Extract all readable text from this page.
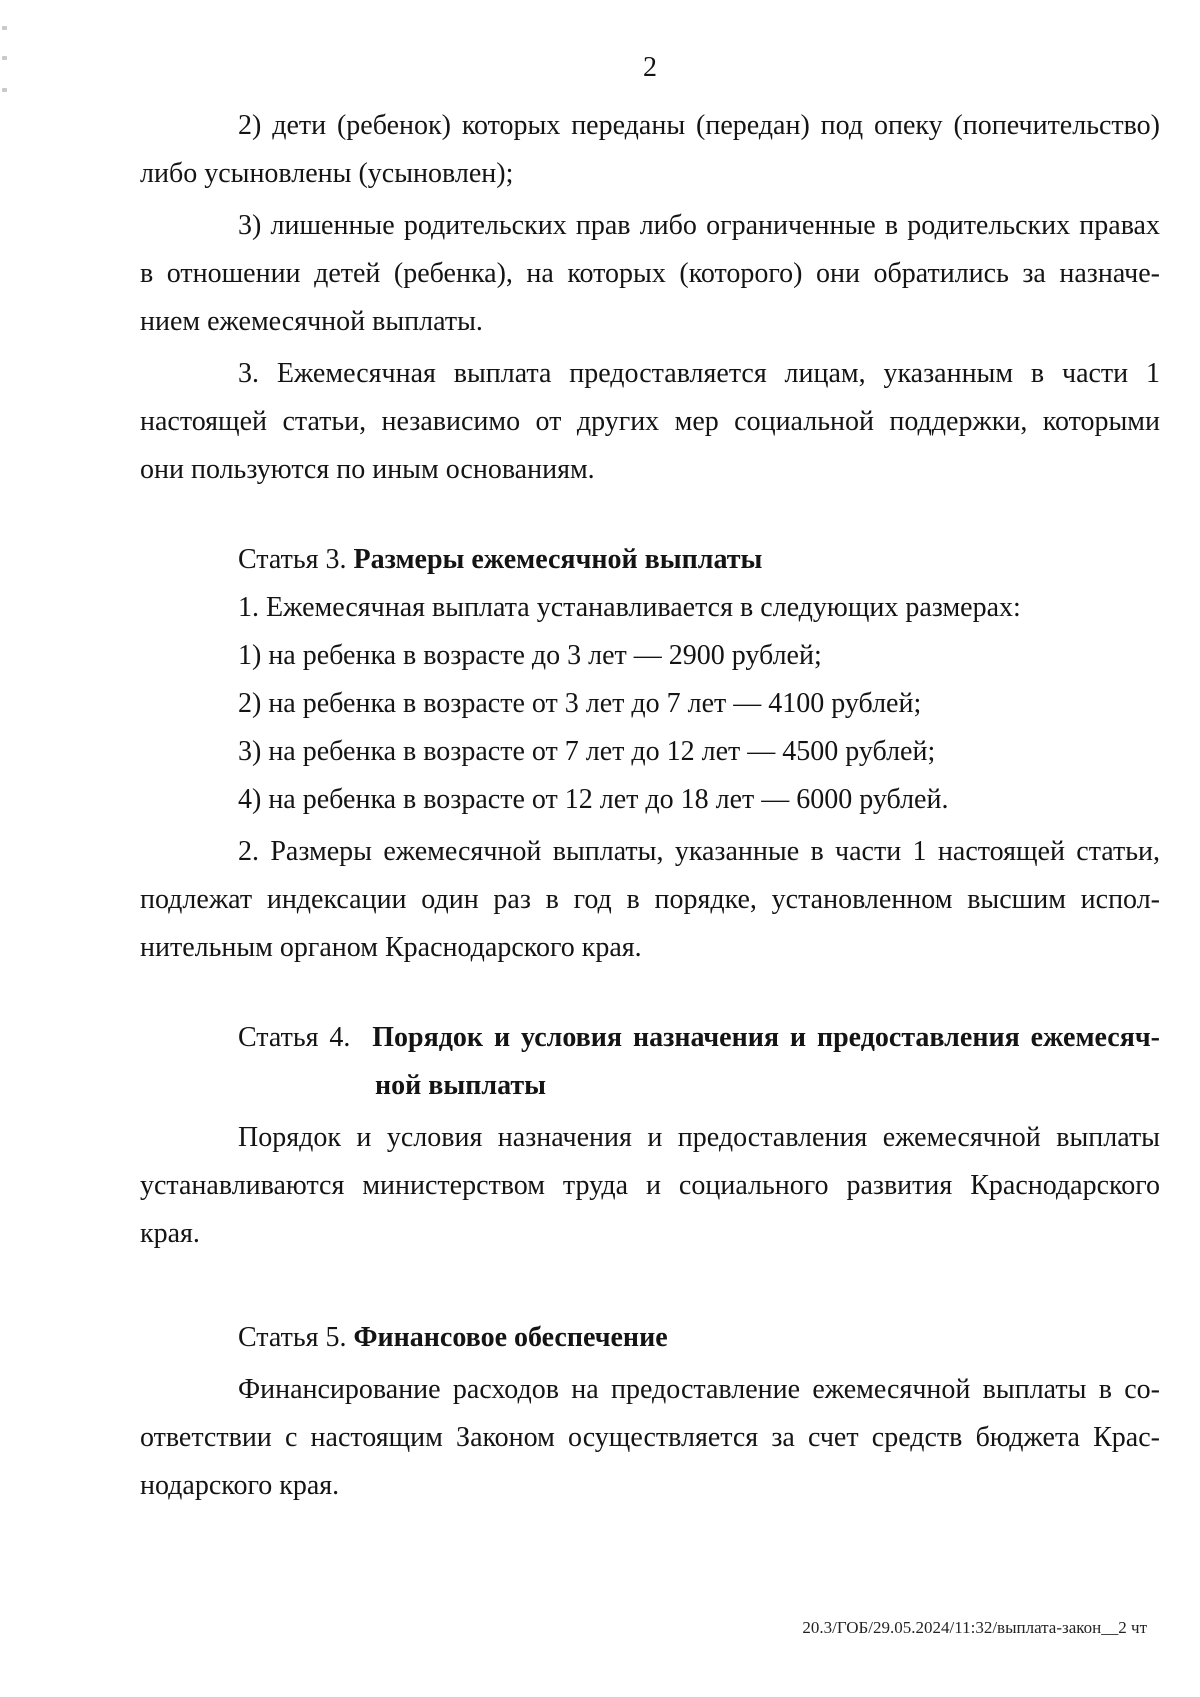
2
2) дети (ребенок) которых переданы (передан) под опеку (попечительство)
либо усыновлены (усыновлен);
3) лишенные родительских прав либо ограниченные в родительских правах
в отношении детей (ребенка), на которых (которого) они обратились за назначе-
нием ежемесячной выплаты.
3. Ежемесячная выплата предоставляется лицам, указанным в части 1
настоящей статьи, независимо от других мер социальной поддержки, которыми
они пользуются по иным основаниям.
Статья 3. Размеры ежемесячной выплаты
1. Ежемесячная выплата устанавливается в следующих размерах:
1) на ребенка в возрасте до 3 лет — 2900 рублей;
2) на ребенка в возрасте от 3 лет до 7 лет — 4100 рублей;
3) на ребенка в возрасте от 7 лет до 12 лет — 4500 рублей;
4) на ребенка в возрасте от 12 лет до 18 лет — 6000 рублей.
2. Размеры ежемесячной выплаты, указанные в части 1 настоящей статьи,
подлежат индексации один раз в год в порядке, установленном высшим испол-
нительным органом Краснодарского края.
Статья 4. Порядок и условия назначения и предоставления ежемесяч-
ной выплаты
Порядок и условия назначения и предоставления ежемесячной выплаты
устанавливаются министерством труда и социального развития Краснодарского
края.
Статья 5. Финансовое обеспечение
Финансирование расходов на предоставление ежемесячной выплаты в со-
ответствии с настоящим Законом осуществляется за счет средств бюджета Крас-
нодарского края.
20.3/ГОБ/29.05.2024/11:32/выплата-закон__2 чт
